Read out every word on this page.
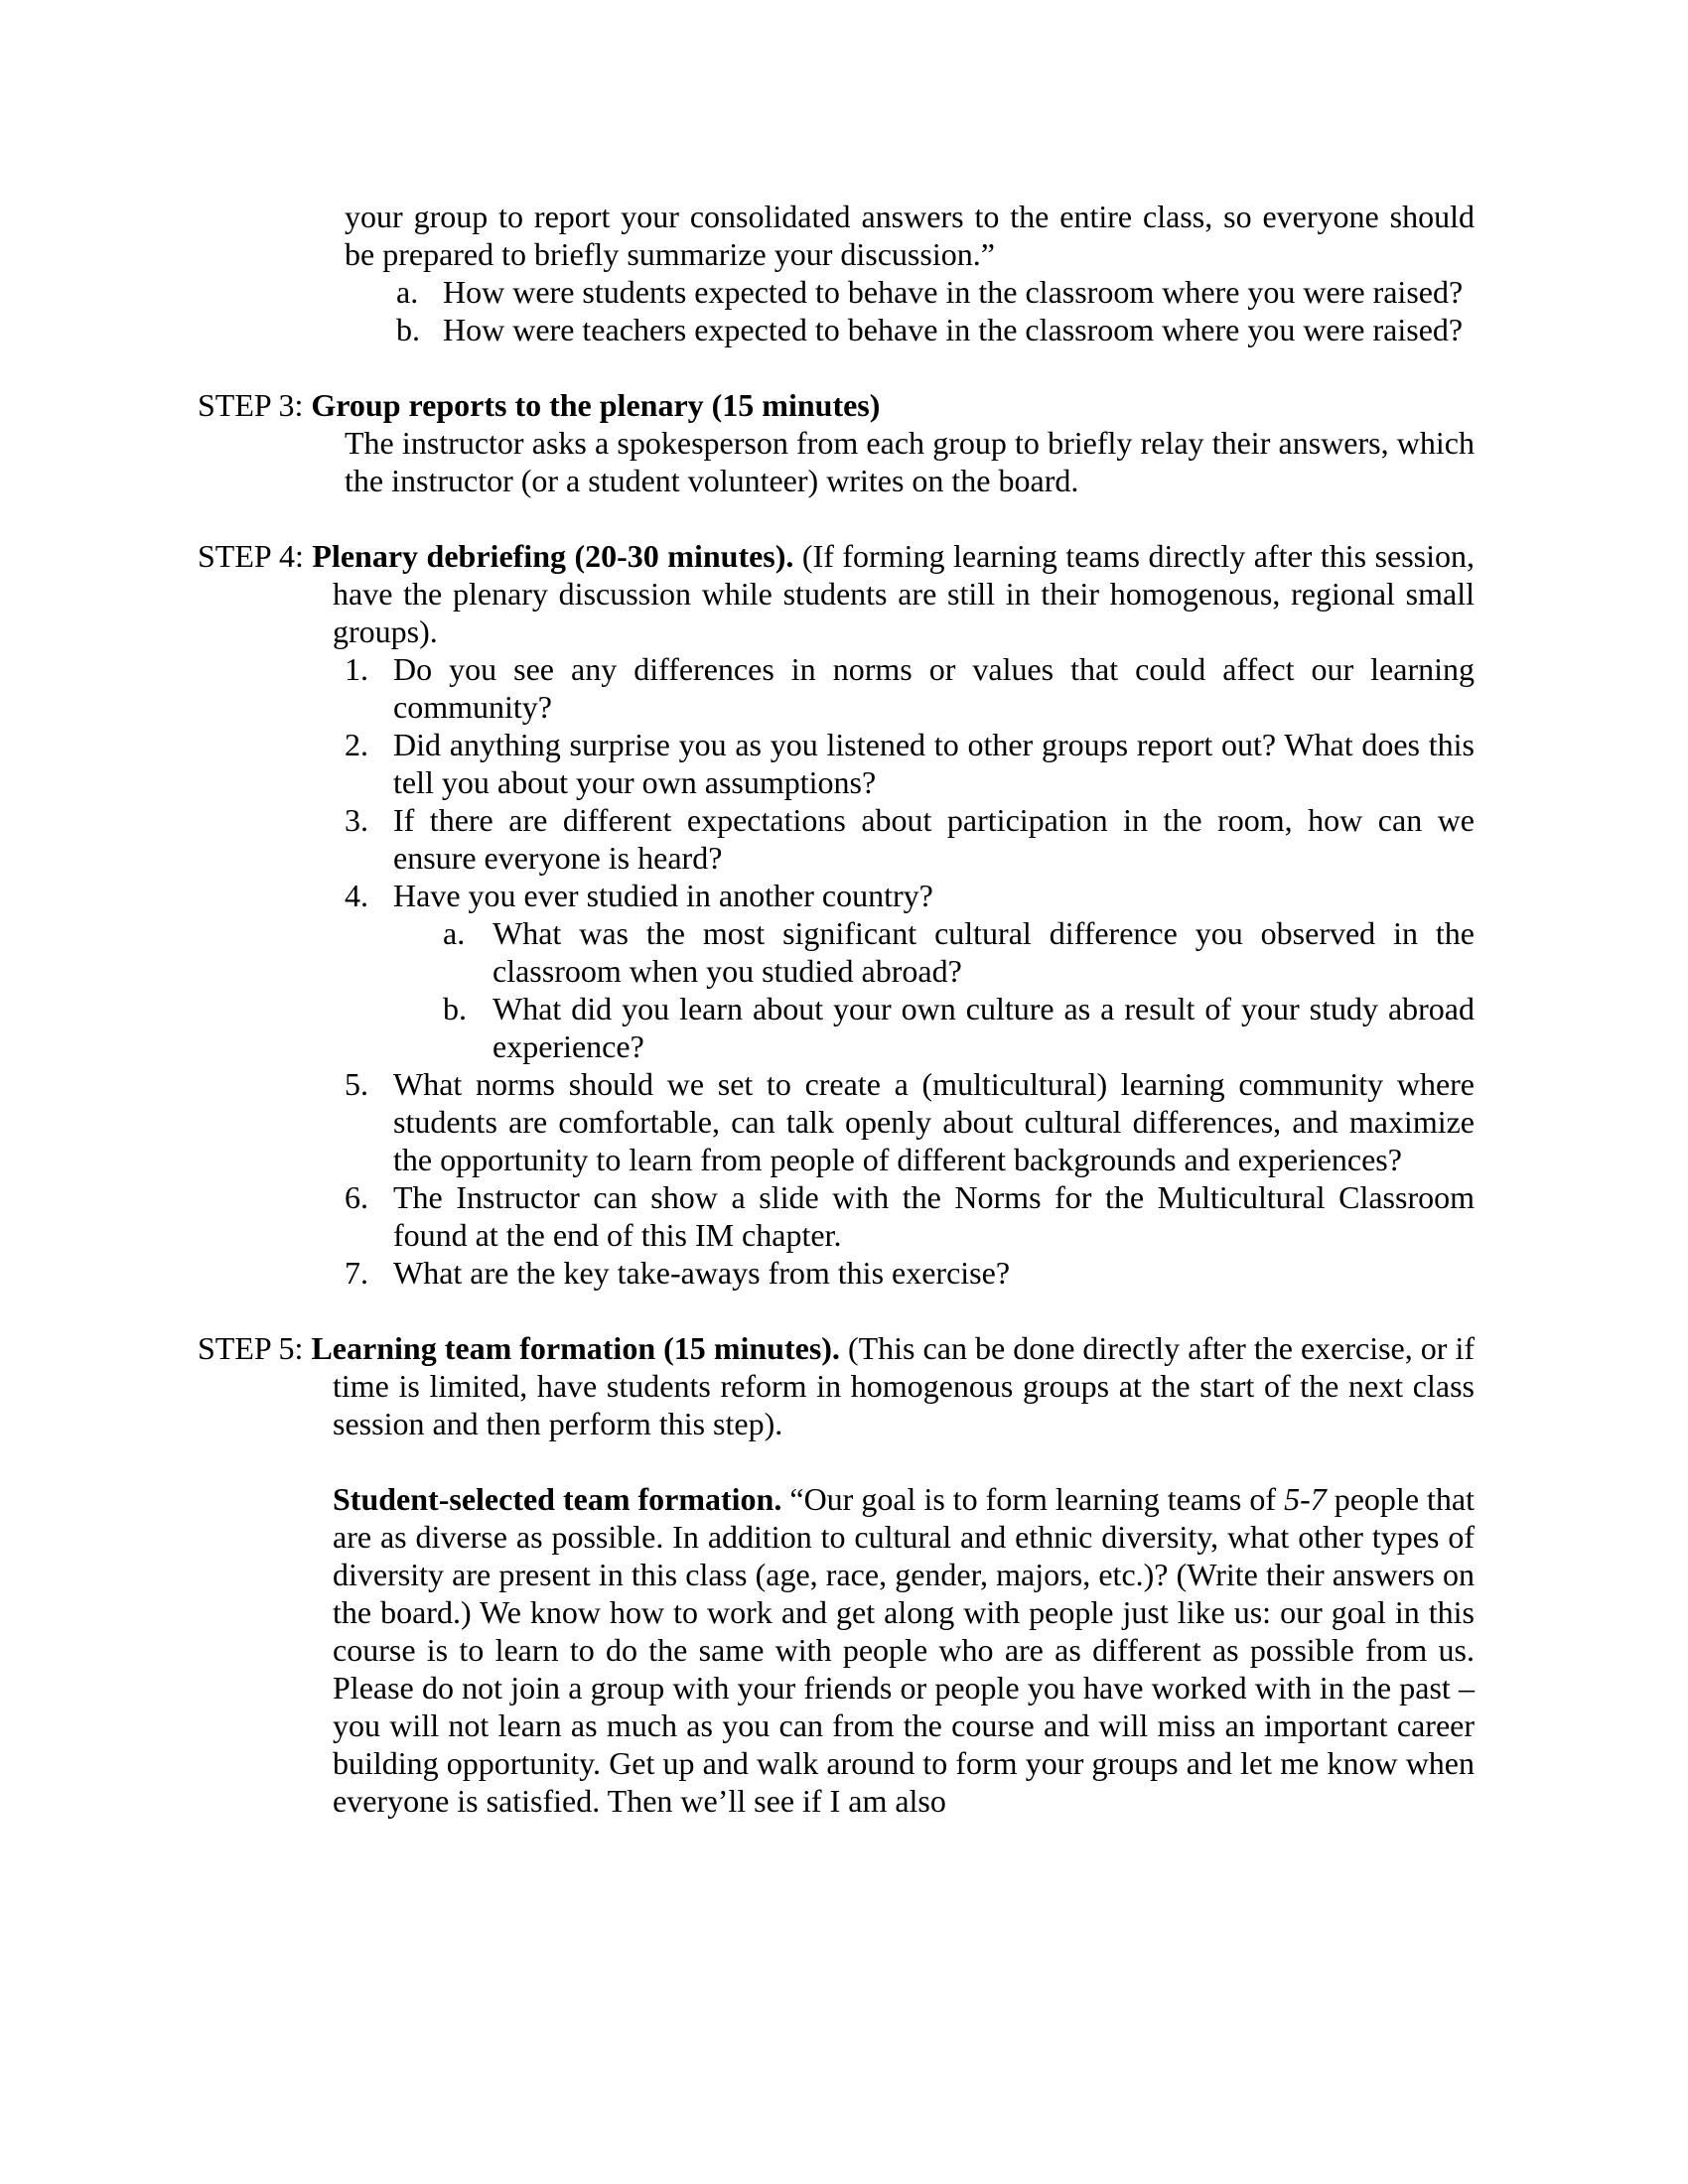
your group to report your consolidated answers to the entire class, so everyone should be prepared to briefly summarize your discussion.”

a. How were students expected to behave in the classroom where you were raised?
b. How were teachers expected to behave in the classroom where you were raised?

STEP 3: Group reports to the plenary (15 minutes)

The instructor asks a spokesperson from each group to briefly relay their answers, which the instructor (or a student volunteer) writes on the board.

STEP 4: Plenary debriefing (20-30 minutes). (If forming learning teams directly after this session, have the plenary discussion while students are still in their homogenous, regional small groups).

1. Do you see any differences in norms or values that could affect our learning community?
2. Did anything surprise you as you listened to other groups report out? What does this tell you about your own assumptions?
3. If there are different expectations about participation in the room, how can we ensure everyone is heard?
4. Have you ever studied in another country?
a. What was the most significant cultural difference you observed in the classroom when you studied abroad?
b. What did you learn about your own culture as a result of your study abroad experience?
5. What norms should we set to create a (multicultural) learning community where students are comfortable, can talk openly about cultural differences, and maximize the opportunity to learn from people of different backgrounds and experiences?
6. The Instructor can show a slide with the Norms for the Multicultural Classroom found at the end of this IM chapter.
7. What are the key take-aways from this exercise?

STEP 5: Learning team formation (15 minutes). (This can be done directly after the exercise, or if time is limited, have students reform in homogenous groups at the start of the next class session and then perform this step).

Student-selected team formation. “Our goal is to form learning teams of 5-7 people that are as diverse as possible. In addition to cultural and ethnic diversity, what other types of diversity are present in this class (age, race, gender, majors, etc.)? (Write their answers on the board.) We know how to work and get along with people just like us: our goal in this course is to learn to do the same with people who are as different as possible from us. Please do not join a group with your friends or people you have worked with in the past – you will not learn as much as you can from the course and will miss an important career building opportunity. Get up and walk around to form your groups and let me know when everyone is satisfied. Then we’ll see if I am also
